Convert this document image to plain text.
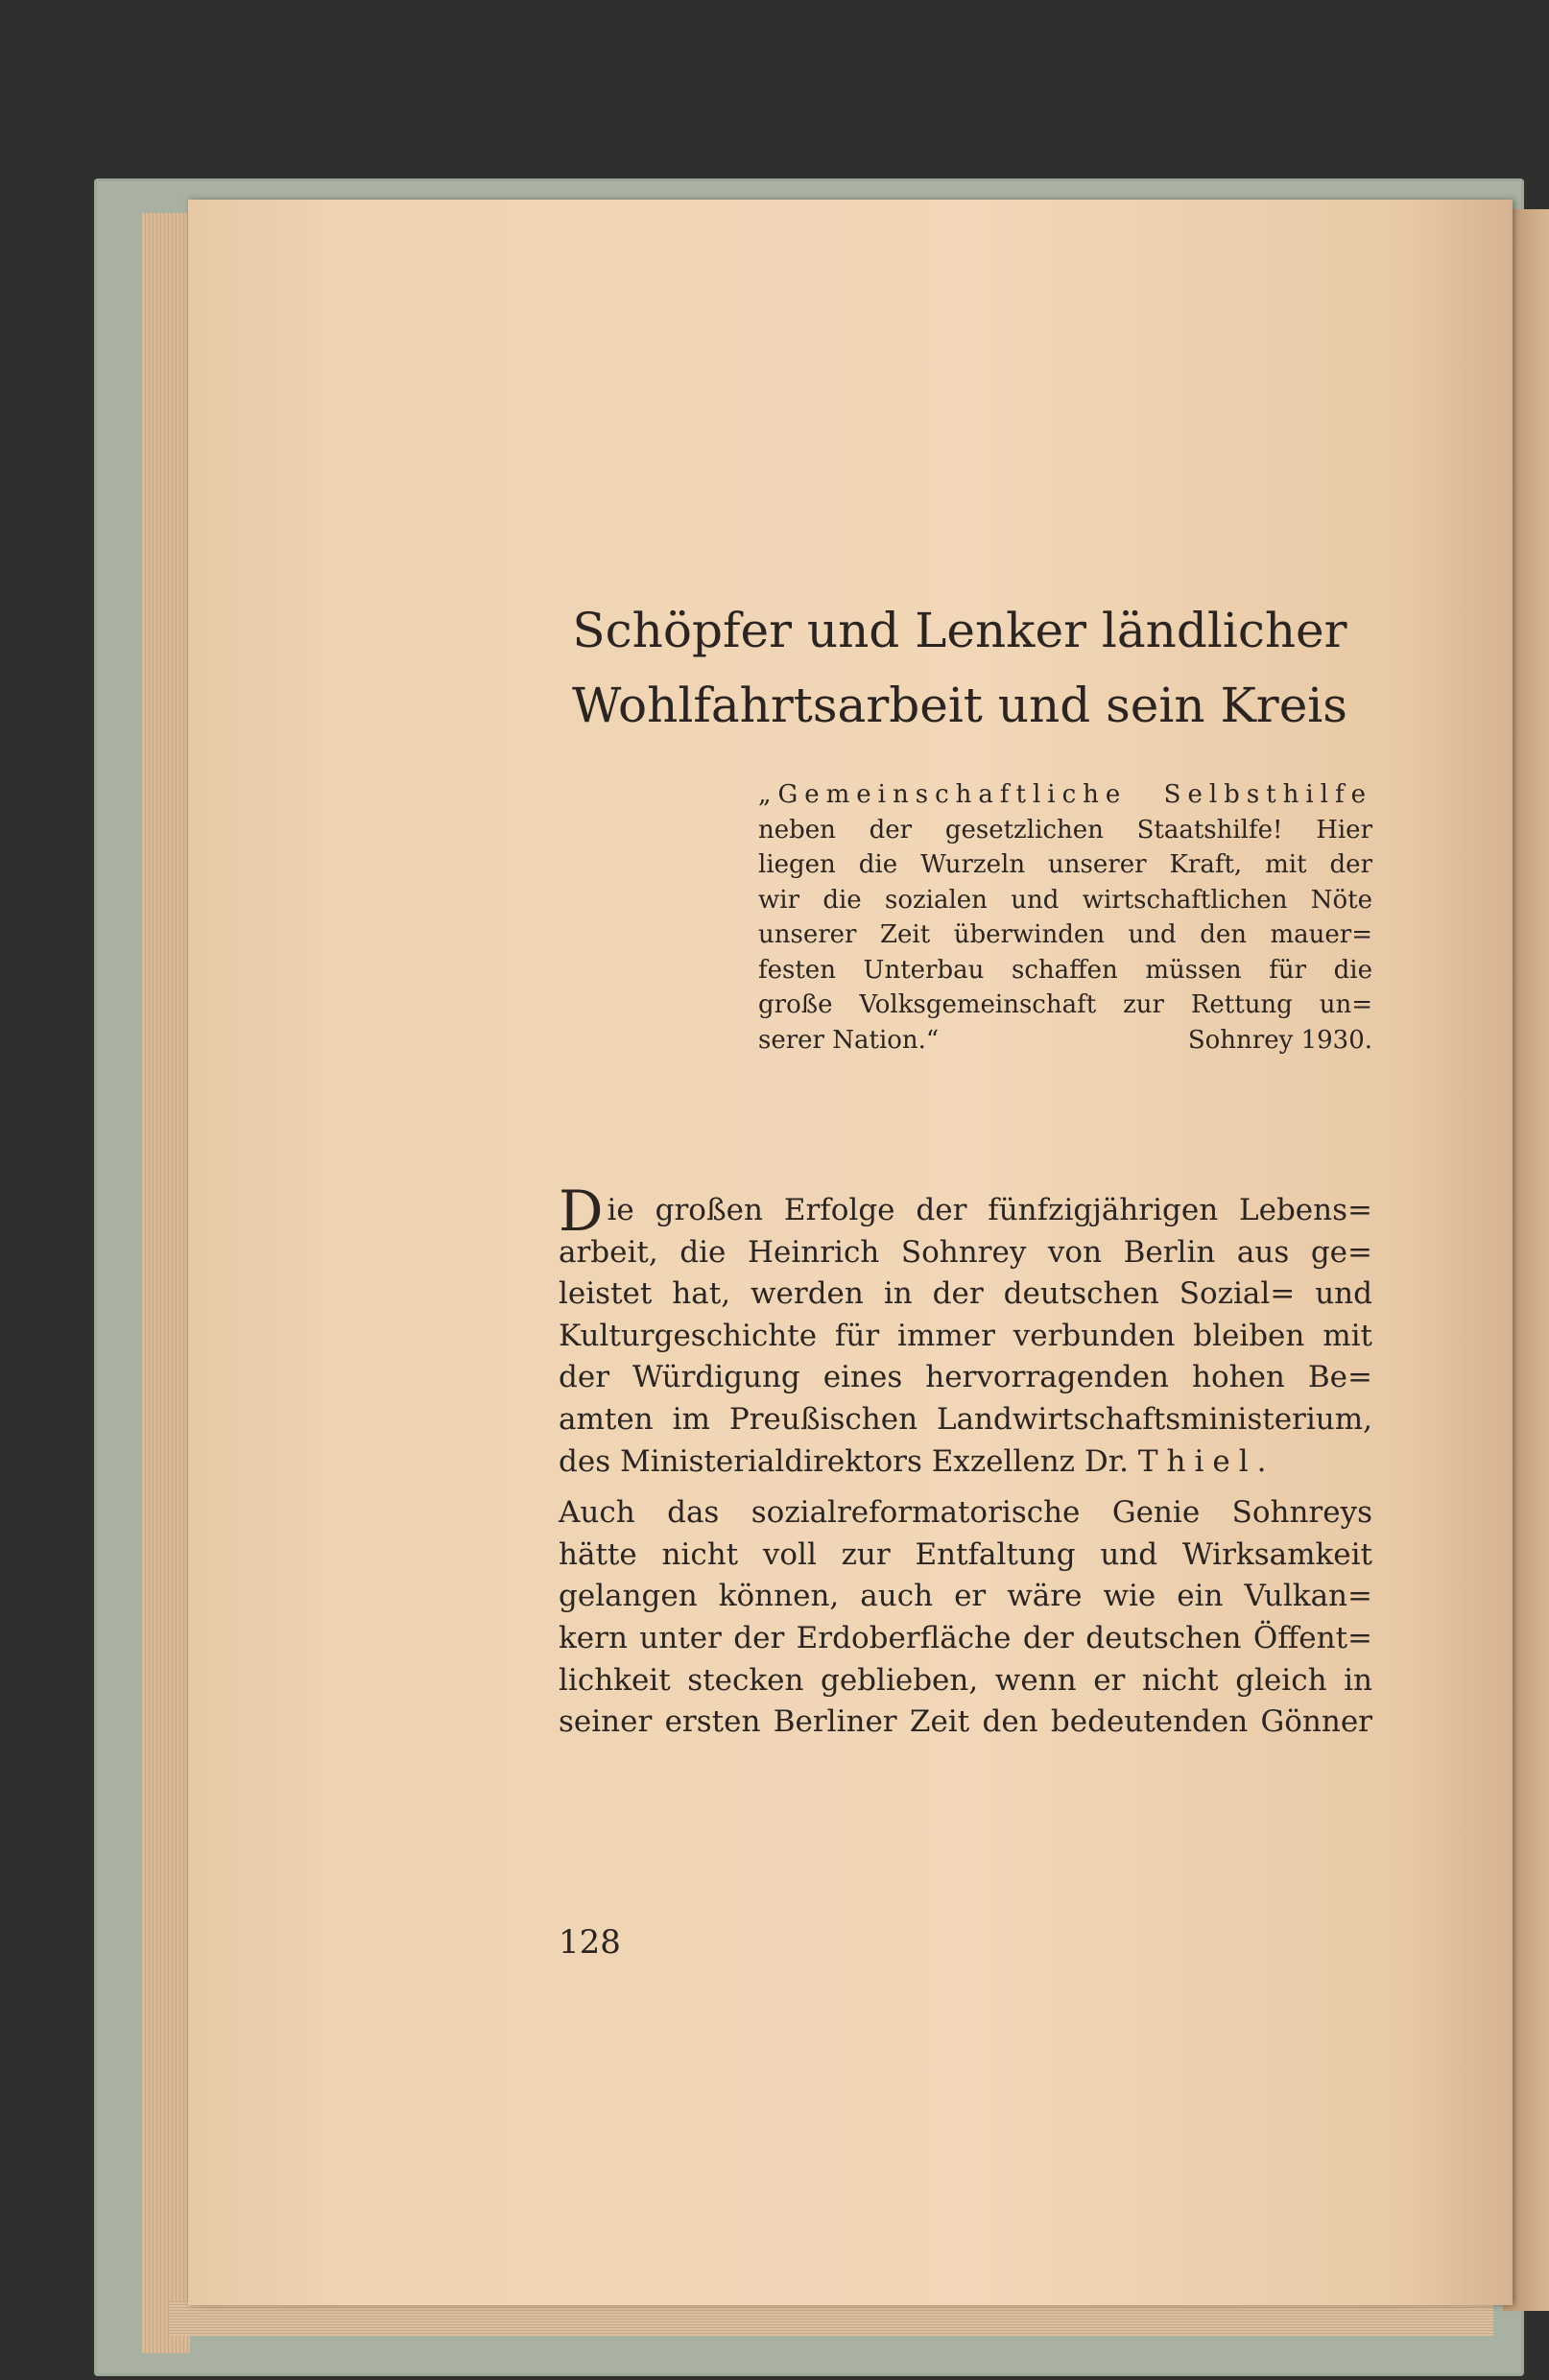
Schöpfer und Lenker ländlicher
Wohlfahrtsarbeit und sein Kreis
„Gemeinschaftliche Selbsthilfe
neben der gesetzlichen Staatshilfe! Hier
liegen die Wurzeln unserer Kraft, mit der
wir die sozialen und wirtschaftlichen Nöte
unserer Zeit überwinden und den mauer=
festen Unterbau schaffen müssen für die
große Volksgemeinschaft zur Rettung un=
serer Nation.“	Sohnrey 1930.
Die großen Erfolge der fünfzigjährigen Lebens=
arbeit, die Heinrich Sohnrey von Berlin aus ge=
leistet hat, werden in der deutschen Sozial= und
Kulturgeschichte für immer verbunden bleiben mit
der Würdigung eines hervorragenden hohen Be=
amten im Preußischen Landwirtschaftsministerium,
des Ministerialdirektors Exzellenz Dr. Thiel.
Auch das sozialreformatorische Genie Sohnreys
hätte nicht voll zur Entfaltung und Wirksamkeit
gelangen können, auch er wäre wie ein Vulkan=
kern unter der Erdoberfläche der deutschen Öffent=
lichkeit stecken geblieben, wenn er nicht gleich in
seiner ersten Berliner Zeit den bedeutenden Gönner
128
